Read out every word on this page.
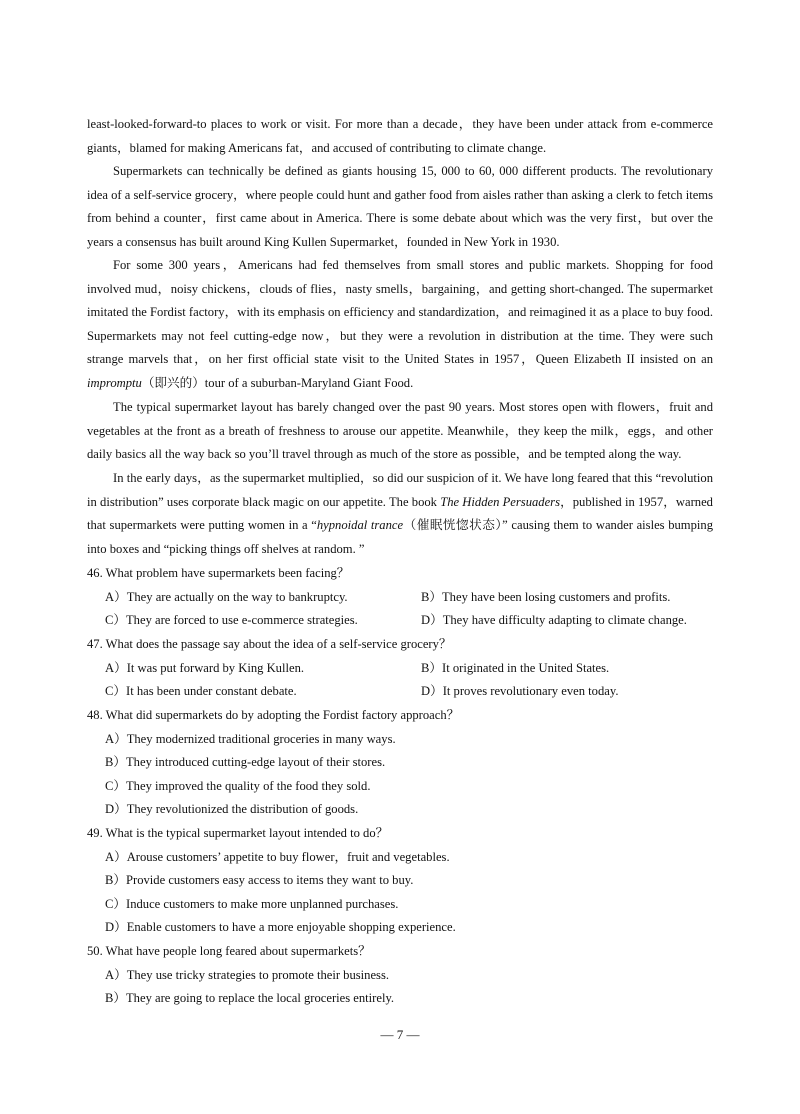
least-looked-forward-to places to work or visit. For more than a decade，they have been under attack from e-commerce giants，blamed for making Americans fat，and accused of contributing to climate change.

Supermarkets can technically be defined as giants housing 15, 000 to 60, 000 different products. The revolutionary idea of a self-service grocery，where people could hunt and gather food from aisles rather than asking a clerk to fetch items from behind a counter，first came about in America. There is some debate about which was the very first，but over the years a consensus has built around King Kullen Supermarket，founded in New York in 1930.

For some 300 years，Americans had fed themselves from small stores and public markets. Shopping for food involved mud，noisy chickens，clouds of flies，nasty smells，bargaining，and getting short-changed. The supermarket imitated the Fordist factory，with its emphasis on efficiency and standardization，and reimagined it as a place to buy food. Supermarkets may not feel cutting-edge now，but they were a revolution in distribution at the time. They were such strange marvels that，on her first official state visit to the United States in 1957，Queen Elizabeth II insisted on an impromptu（即兴的）tour of a suburban-Maryland Giant Food.

The typical supermarket layout has barely changed over the past 90 years. Most stores open with flowers，fruit and vegetables at the front as a breath of freshness to arouse our appetite. Meanwhile，they keep the milk，eggs，and other daily basics all the way back so you’ll travel through as much of the store as possible，and be tempted along the way.

In the early days，as the supermarket multiplied，so did our suspicion of it. We have long feared that this “revolution in distribution” uses corporate black magic on our appetite. The book The Hidden Persuaders，published in 1957，warned that supermarkets were putting women in a “hypnoidal trance（催眠恍惚状态）” causing them to wander aisles bumping into boxes and “picking things off shelves at random. ”

46. What problem have supermarkets been facing？
A）They are actually on the way to bankruptcy.	B）They have been losing customers and profits.
C）They are forced to use e-commerce strategies.	D）They have difficulty adapting to climate change.
47. What does the passage say about the idea of a self-service grocery？
A）It was put forward by King Kullen.	B）It originated in the United States.
C）It has been under constant debate.	D）It proves revolutionary even today.
48. What did supermarkets do by adopting the Fordist factory approach？
A）They modernized traditional groceries in many ways.
B）They introduced cutting-edge layout of their stores.
C）They improved the quality of the food they sold.
D）They revolutionized the distribution of goods.
49. What is the typical supermarket layout intended to do？
A）Arouse customers’ appetite to buy flower，fruit and vegetables.
B）Provide customers easy access to items they want to buy.
C）Induce customers to make more unplanned purchases.
D）Enable customers to have a more enjoyable shopping experience.
50. What have people long feared about supermarkets？
A）They use tricky strategies to promote their business.
B）They are going to replace the local groceries entirely.
— 7 —
